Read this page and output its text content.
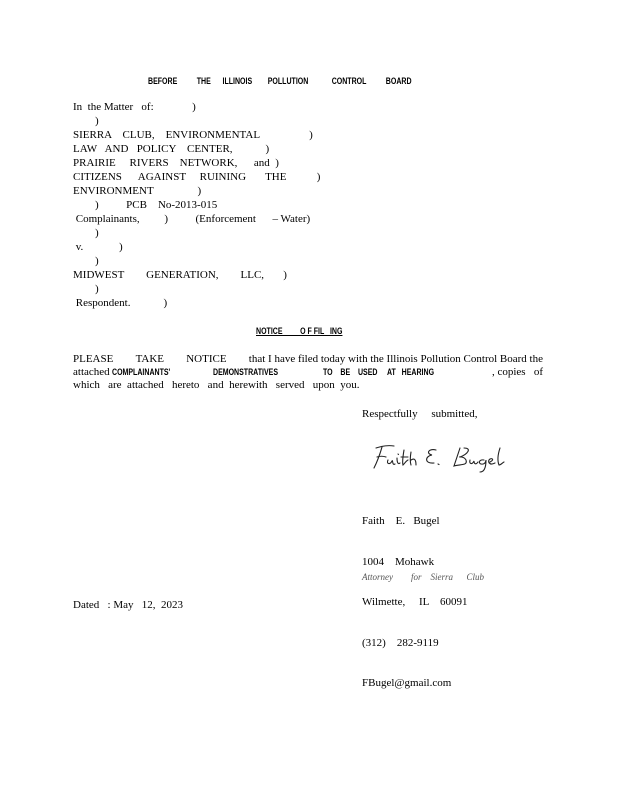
BEFORE          THE      ILLINOIS        POLLUTION            CONTROL          BOARD
In  the Matter   of:              )
)
SIERRA    CLUB,    ENVIRONMENTAL                  )
LAW   AND   POLICY    CENTER,            )
PRAIRIE     RIVERS    NETWORK,      and  )
CITIZENS      AGAINST     RUINING       THE           )
ENVIRONMENT                )
)          PCB    No-2013-015
Complainants,         )          (Enforcement      – Water)
)
v.             )
)
MIDWEST        GENERATION,        LLC,       )
)
Respondent.            )
NOTICE         O F FIL   ING
PLEASE TAKE NOTICE that I have filed today with the Illinois Pollution Control Board the
attached COMPLAINANTS'	DEMONSTRATIVES	TO    BE    USED     AT   HEARING	, copies   of
which   are  attached   hereto   and  herewith   served   upon  you.
Respectfully     submitted,

Faith    E.   Bugel

1004    Mohawk

Wilmette,     IL    60091

(312)    282-9119

FBugel@gmail.com

Attorney        for    Sierra      Club
Dated   : May   12,  2023
